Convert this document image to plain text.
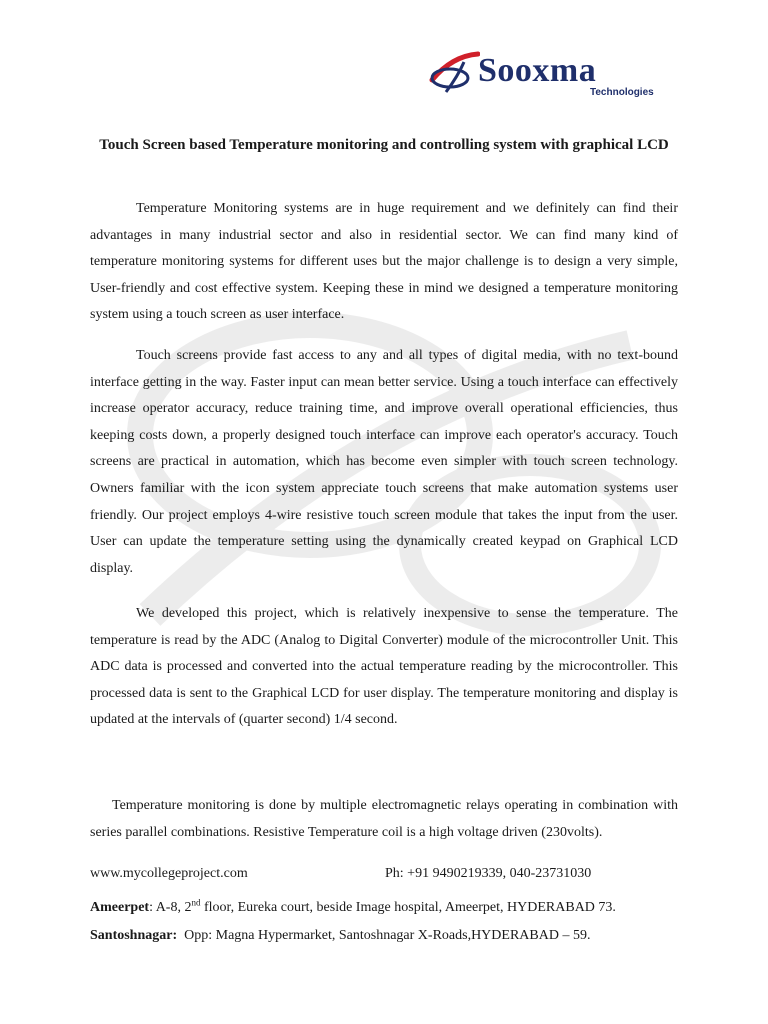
Sooxma
Technologies
Touch Screen based Temperature monitoring and controlling system with graphical LCD

Temperature Monitoring systems are in huge requirement and we definitely can find their advantages in many industrial sector and also in residential sector. We can find many kind of temperature monitoring systems for different uses but the major challenge is to design a very simple, User-friendly and cost effective system. Keeping these in mind we designed a temperature monitoring system using a touch screen as user interface.

Touch screens provide fast access to any and all types of digital media, with no text-bound interface getting in the way. Faster input can mean better service. Using a touch interface can effectively increase operator accuracy, reduce training time, and improve overall operational efficiencies, thus keeping costs down, a properly designed touch interface can improve each operator's accuracy. Touch screens are practical in automation, which has become even simpler with touch screen technology. Owners familiar with the icon system appreciate touch screens that make automation systems user friendly. Our project employs 4-wire resistive touch screen module that takes the input from the user. User can update the temperature setting using the dynamically created keypad on Graphical LCD display.

We developed this project, which is relatively inexpensive to sense the temperature. The temperature is read by the ADC (Analog to Digital Converter) module of the microcontroller Unit. This ADC data is processed and converted into the actual temperature reading by the microcontroller. This processed data is sent to the Graphical LCD for user display. The temperature monitoring and display is updated at the intervals of (quarter second) 1/4 second.

Temperature monitoring is done by multiple electromagnetic relays operating in combination with series parallel combinations. Resistive Temperature coil is a high voltage driven (230volts).

www.mycollegeproject.com	Ph: +91 9490219339, 040-23731030
Ameerpet: A-8, 2nd floor, Eureka court, beside Image hospital, Ameerpet, HYDERABAD 73.
Santoshnagar:  Opp: Magna Hypermarket, Santoshnagar X-Roads,HYDERABAD – 59.
